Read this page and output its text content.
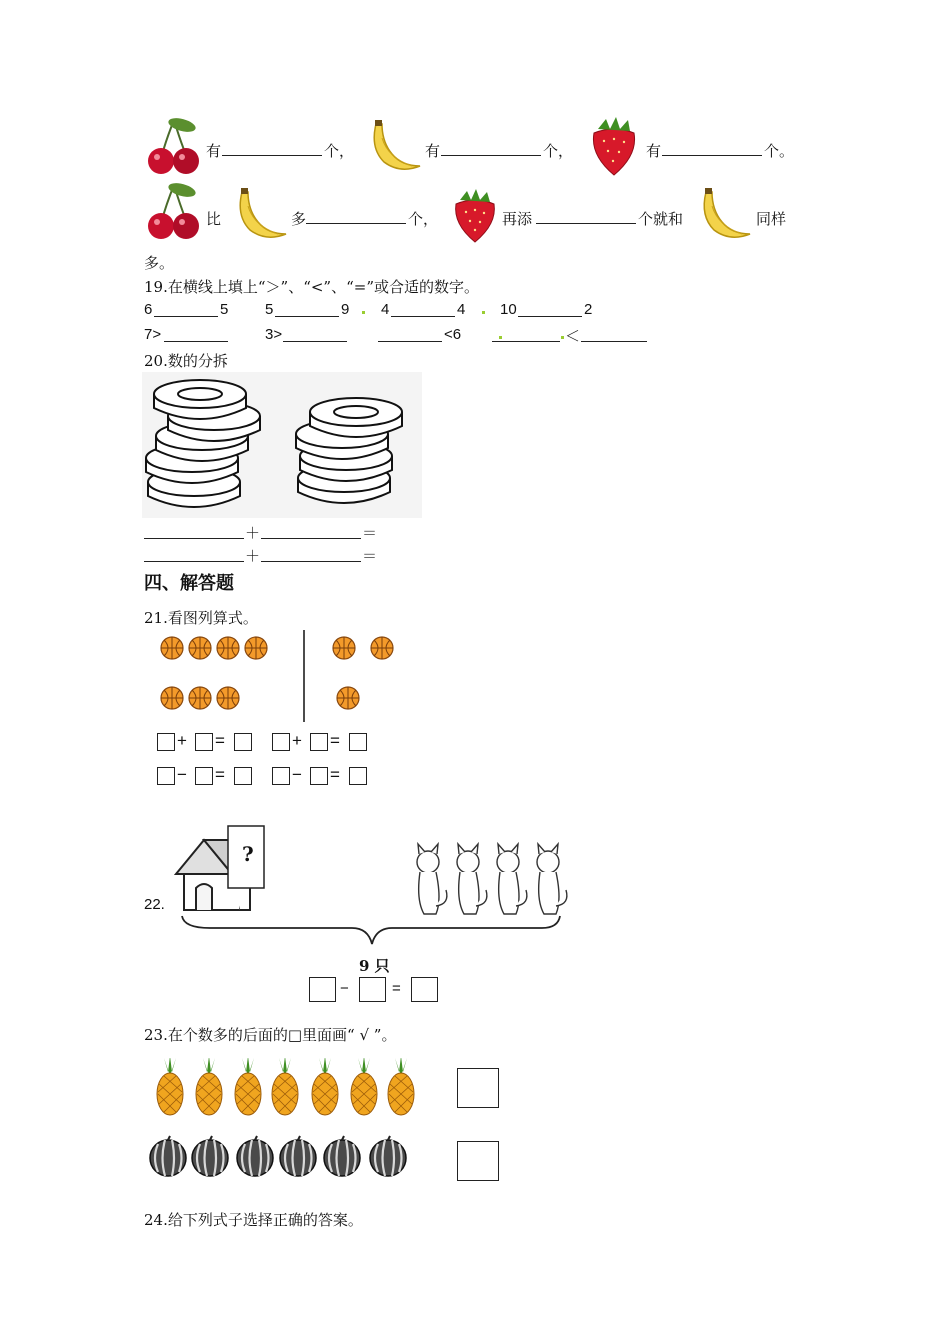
有	个，	有	个，	有	个。
比	多	个，	再添	个就和	同样
多。
19.在横线上填上“＞”、“<”、“=”或合适的数字。
6	5 5	9 4	4 10	2
7>	3>	<6	＜
20.数的分拆
＋	＝
＋	＝
四、解答题
21.看图列算式。
+ =
− =
+ =
− =
22.
?
9 只
−	=
23.在个数多的后面的□里面画“ √ ”。
24.给下列式子选择正确的答案。
